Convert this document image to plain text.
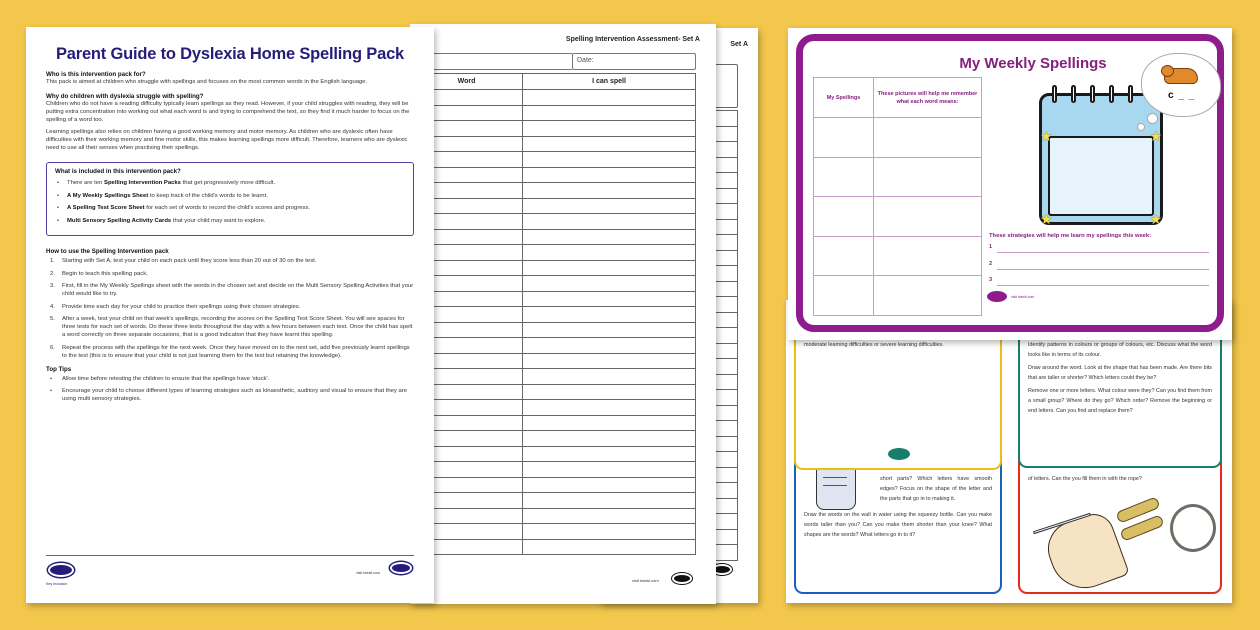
Set A

Spelling Intervention Assessment- Set A
Date:
Word	I can spell

visit twinkl.com
Parent Guide to Dyslexia Home Spelling Pack
Who is this intervention pack for?

This pack is aimed at children who struggle with spellings and focuses on the most common words in the English language.

Why do children with dyslexia struggle with spelling?

Children who do not have a reading difficulty typically learn spellings as they read. However, if your child struggles with reading, they will be putting extra concentration into working out what each word is and trying to comprehend the text, so they find it much harder to focus on the spelling of a word too.

Learning spellings also relies on children having a good working memory and motor memory. As children who are dyslexic often have difficulties with their working memory and fine motor skills, this makes learning spellings more difficult. Therefore, learners who are dyslexic need to use all their senses when practising their spellings.

What is included in this intervention pack?
• There are ten Spelling Intervention Packs that get progressively more difficult.
• A My Weekly Spellings Sheet to keep track of the child's words to be learnt.
• A Spelling Test Score Sheet for each set of words to record the child's scores and progress.
• Multi Sensory Spelling Activity Cards that your child may want to explore.
How to use the Spelling Intervention pack
1. Starting with Set A, test your child on each pack until they score less than 20 out of 30 on the test.
2. Begin to teach this spelling pack.
3. First, fill in the My Weekly Spellings sheet with the words in the chosen set and decide on the Multi Sensory Spelling Activities that your child would like to try.
4. Provide time each day for your child to practice their spellings using their chosen strategies.
5. After a week, test your child on that week's spellings, recording the scores on the Spelling Test Score Sheet. You will see spaces for three tests for each set of words. Do these three tests throughout the day with a few hours between each test. Once the child has spelt a word correctly on three separate occasions, that is a good indication that they have learnt this spelling.
6. Repeat the process with the spellings for the next week. Once they have moved on to the next set, add five previously learnt spellings to the test (this is to ensure that your child is not just learning them for the test but retaining the knowledge).
Top Tips
• Allow time before retesting the children to ensure that the spellings have 'stuck'.
• Encourage your child to choose different types of learning strategies such as kinaesthetic, auditory and visual to ensure that they are using multi sensory strategies.
Key Inclusion
visit twinkl.com

moderate learning difficulties or severe learning difficulties.	Identify patterns in colours or groups of colours, etc. Discuss what the word looks like in terms of its colour.

Draw around the word. Look at the shape that has been made. Are there bits that are taller or shorter? Which letters could they be?

Remove one or more letters. What colour were they? Can you find them from a small group? Where do they go? Which order? Remove the beginning or end letters. Can you find and replace them?

short parts? Which letters have smooth edges? Focus on the shape of the letter and the parts that go in to making it.

Draw the words on the wall in water using the squeezy bottle. Can you make words taller than you? Can you make them shorter than your knee? What shapes are the words? What letters go in to it?

of letters. Can the you fill them in with the rope?

My Weekly Spellings
My Spellings	These pictures will help me remember what each word means:

★	★
★	★
c _ _
These strategies will help me learn my spellings this week:
1
2
3
visit twinkl.com
